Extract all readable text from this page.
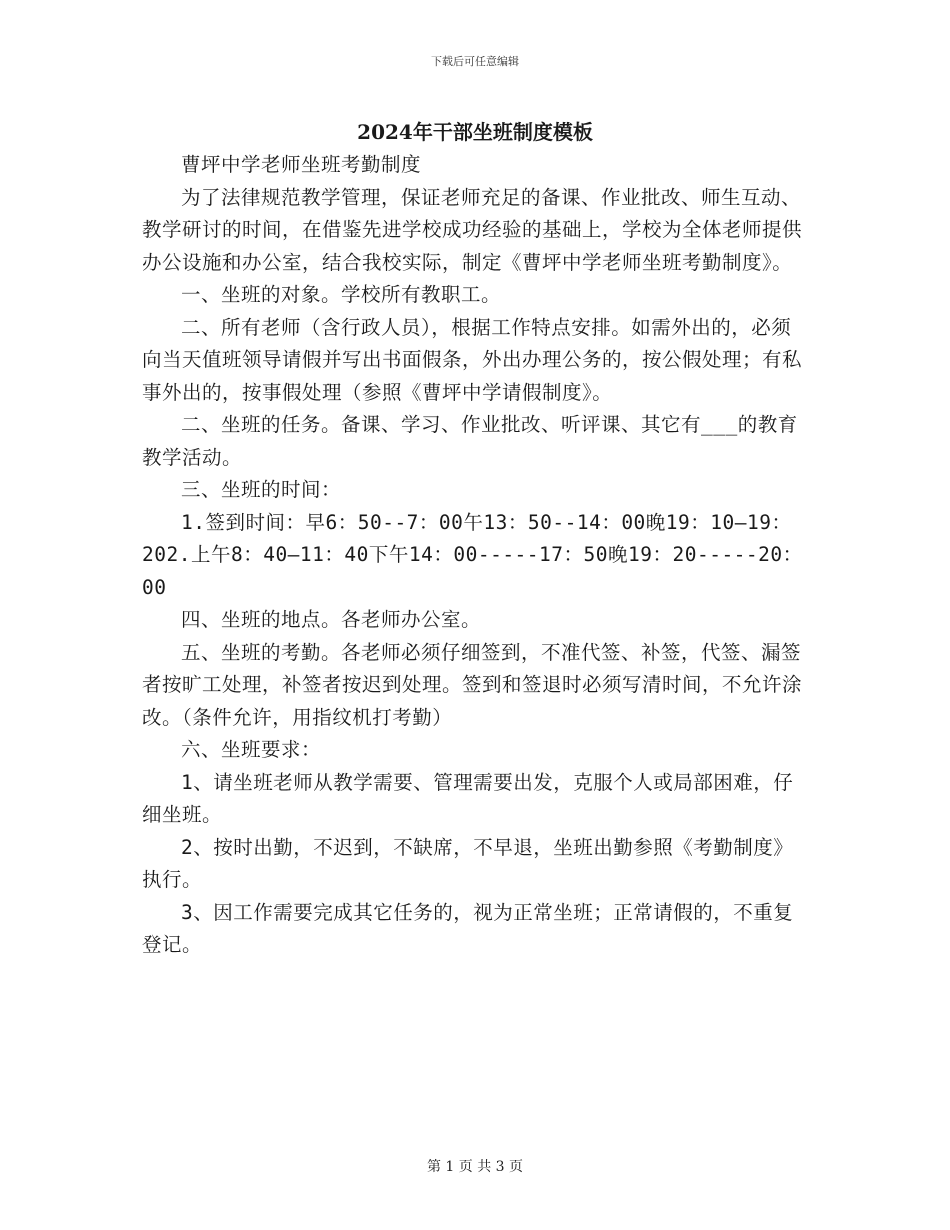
下载后可任意编辑
2024年干部坐班制度模板

曹坪中学老师坐班考勤制度

为了法律规范教学管理，保证老师充足的备课、作业批改、师生互动、教学研讨的时间，在借鉴先进学校成功经验的基础上，学校为全体老师提供办公设施和办公室，结合我校实际，制定《曹坪中学老师坐班考勤制度》。

一、坐班的对象。学校所有教职工。

二、所有老师（含行政人员），根据工作特点安排。如需外出的，必须向当天值班领导请假并写出书面假条，外出办理公务的，按公假处理；有私事外出的，按事假处理（参照《曹坪中学请假制度》。

二、坐班的任务。备课、学习、作业批改、听评课、其它有___的教育教学活动。

三、坐班的时间：

1.签到时间：早6：50--7：00午13：50--14：00晚19：10—19：202.上午8：40—11：40下午14：00-----17：50晚19：20-----20：00

四、坐班的地点。各老师办公室。

五、坐班的考勤。各老师必须仔细签到，不准代签、补签，代签、漏签者按旷工处理，补签者按迟到处理。签到和签退时必须写清时间，不允许涂改。（条件允许，用指纹机打考勤）

六、坐班要求：

1、请坐班老师从教学需要、管理需要出发，克服个人或局部困难，仔细坐班。

2、按时出勤，不迟到，不缺席，不早退，坐班出勤参照《考勤制度》执行。

3、因工作需要完成其它任务的，视为正常坐班；正常请假的，不重复登记。

第 1 页 共 3 页
